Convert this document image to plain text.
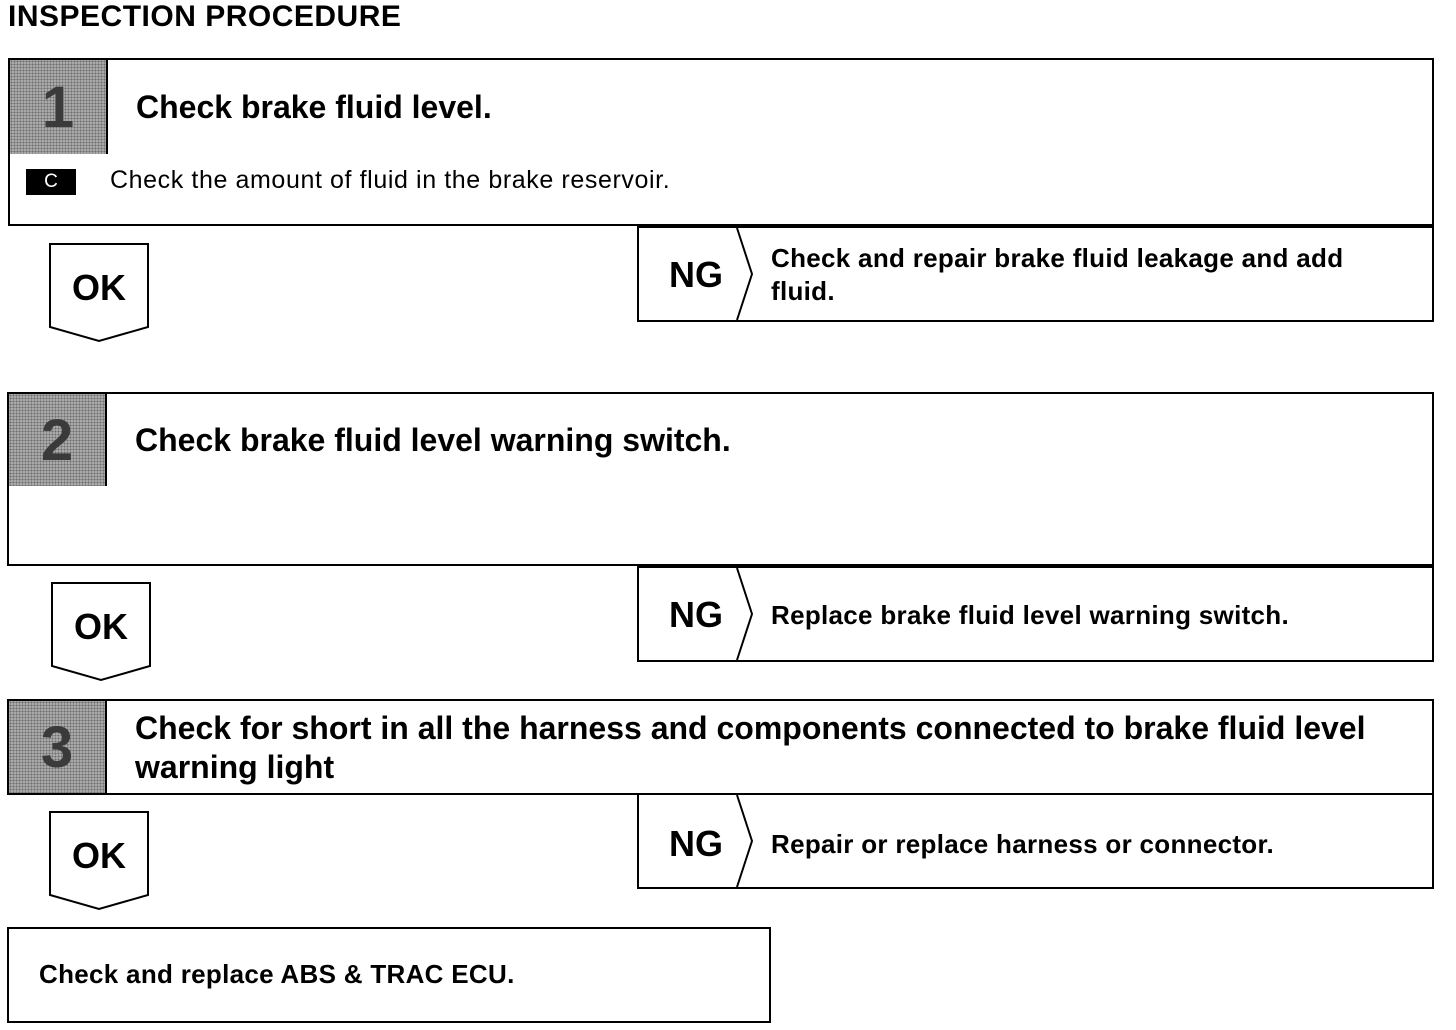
INSPECTION PROCEDURE
1	Check brake fluid level.
C	Check the amount of fluid in the brake reservoir.
OK	NG Check and repair brake fluid leakage and add fluid.
2	Check brake fluid level warning switch.
OK	NG Replace brake fluid level warning switch.
3	Check for short in all the harness and components connected to brake fluid level warning light
OK	NG Repair or replace harness or connector.
Check and replace ABS & TRAC ECU.
